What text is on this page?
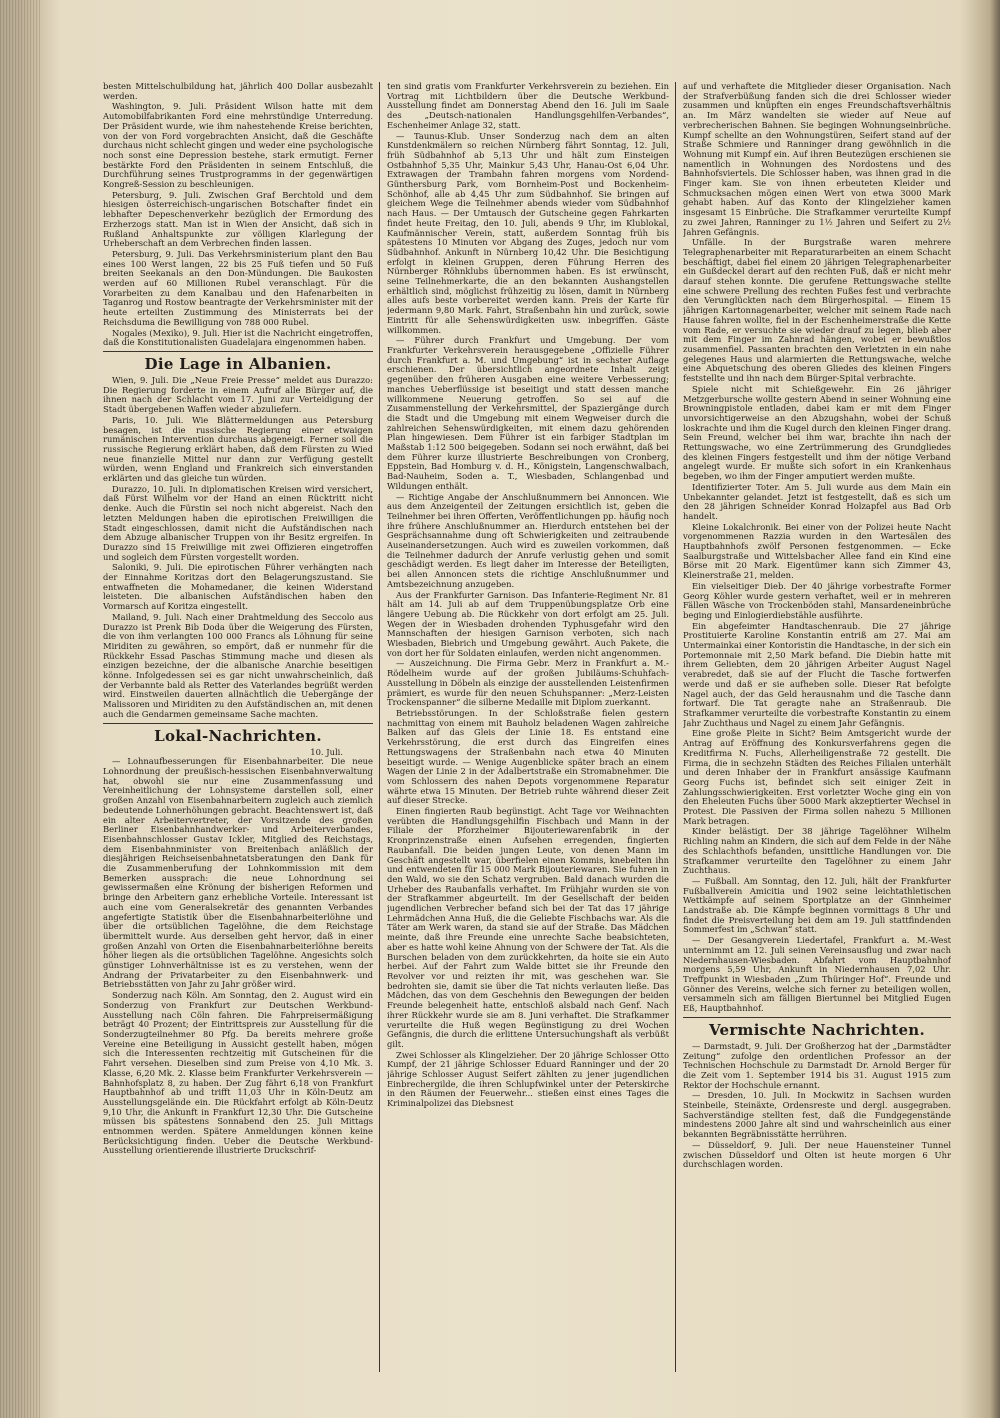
besten Mittelschulbildung hat, jährlich 400 Dollar ausbezahlt werden.

Washington, 9. Juli. Präsident Wilson hatte mit dem Automobilfabrikanten Ford eine mehrstündige Unterredung. Der Präsident wurde, wie ihm nahestehende Kreise berichten, von der von Ford vorgebrachten Ansicht, daß die Geschäfte durchaus nicht schlecht gingen und weder eine psychologische noch sonst eine Depression bestehe, stark ermutigt. Ferner bestärkte Ford den Präsidenten in seinem Entschluß, die Durchführung seines Trustprogramms in der gegenwärtigen Kongreß-Session zu beschleunigen.

Petersburg, 9. Juli. Zwischen Graf Berchtold und dem hiesigen österreichisch-ungarischen Botschafter findet ein lebhafter Depeschenverkehr bezüglich der Ermordung des Erzherzogs statt. Man ist in Wien der Ansicht, daß sich in Rußland Anhaltspunkte zur völligen Klarlegung der Urheberschaft an dem Verbrechen finden lassen.

Petersburg, 9. Juli. Das Verkehrsministerium plant den Bau eines 100 Werst langen, 22 bis 25 Fuß tiefen und 50 Fuß breiten Seekanals an den Don-Mündungen. Die Baukosten werden auf 60 Millionen Rubel veranschlagt. Für die Vorarbeiten zu dem Kanalbau und den Hafenarbeiten in Taganrog und Rostow beantragte der Verkehrsminister mit der heute erteilten Zustimmung des Ministerrats bei der Reichsduma die Bewilligung von 788 000 Rubel.

Nogales (Mexiko), 9. Juli. Hier ist die Nachricht eingetroffen, daß die Konstitutionalisten Guadelajara eingenommen haben.

Die Lage in Albanien.

Wien, 9. Juli. Die „Neue Freie Presse“ meldet aus Durazzo: Die Regierung forderte in einem Aufruf alle Bürger auf, die ihnen nach der Schlacht vom 17. Juni zur Verteidigung der Stadt übergebenen Waffen wieder abzuliefern.

Paris, 10. Juli. Wie Blättermeldungen aus Petersburg besagen, ist die russische Regierung einer etwaigen rumänischen Intervention durchaus abgeneigt. Ferner soll die russische Regierung erklärt haben, daß dem Fürsten zu Wied neue finanzielle Mittel nur dann zur Verfügung gestellt würden, wenn England und Frankreich sich einverstanden erklärten und das gleiche tun würden.

Durazzo, 10. Juli. In diplomatischen Kreisen wird versichert, daß Fürst Wilhelm vor der Hand an einen Rücktritt nicht denke. Auch die Fürstin sei noch nicht abgereist. Nach den letzten Meldungen haben die epirotischen Freiwilligen die Stadt eingeschlossen, damit nicht die Aufständischen nach dem Abzuge albanischer Truppen von ihr Besitz ergreifen. In Durazzo sind 15 Freiwillige mit zwei Offizieren eingetroffen und sogleich dem Fürsten vorgestellt worden.

Saloniki, 9. Juli. Die epirotischen Führer verhängten nach der Einnahme Koritzas dort den Belagerungszustand. Sie entwaffneten die Mohamedaner, die keinen Widerstand leisteten. Die albanischen Aufständischen haben den Vormarsch auf Koritza eingestellt.

Mailand, 9. Juli. Nach einer Drahtmeldung des Seccolo aus Durazzo ist Prenk Bib Doda über die Weigerung des Fürsten, die von ihm verlangten 100 000 Francs als Löhnung für seine Miriditen zu gewähren, so empört, daß er nunmehr für die Rückkehr Essad Paschas Stimmung mache und diesen als einzigen bezeichne, der die albanische Anarchie beseitigen könne. Infolgedessen sei es gar nicht unwahrscheinlich, daß der Verbannte bald als Retter des Vaterlandes begrüßt werden wird. Einstweilen dauerten allnächtlich die Uebergänge der Malissoren und Miriditen zu den Aufständischen an, mit denen auch die Gendarmen gemeinsame Sache machten.

Lokal-Nachrichten.
10. Juli.

— Lohnaufbesserungen für Eisenbahnarbeiter. Die neue Lohnordnung der preußisch-hessischen Eisenbahnverwaltung hat, obwohl sie nur eine Zusammenfassung und Vereinheitlichung der Lohnsysteme darstellen soll, einer großen Anzahl von Eisenbahnarbeitern zugleich auch ziemlich bedeutende Lohnerhöhungen gebracht. Beachtenswert ist, daß ein alter Arbeitervertreter, der Vorsitzende des großen Berliner Eisenbahnhandwerker- und Arbeiterverbandes, Eisenbahnschlosser Gustav Ickler, Mitglied des Reichstags, dem Eisenbahnminister von Breitenbach anläßlich der diesjährigen Reichseisenbahnetatsberatungen den Dank für die Zusammenberufung der Lohnkommission mit dem Bemerken aussprach: die neue Lohnordnung sei gewissermaßen eine Krönung der bisherigen Reformen und bringe den Arbeitern ganz erhebliche Vorteile. Interessant ist auch eine vom Generalsekretär des genannten Verbandes angefertigte Statistik über die Eisenbahnarbeiterlöhne und über die ortsüblichen Tagelöhne, die dem Reichstage übermittelt wurde. Aus derselben geht hervor, daß in einer großen Anzahl von Orten die Eisenbahnarbeiterlöhne bereits höher liegen als die ortsüblichen Tagelöhne. Angesichts solch günstiger Lohnverhältnisse ist es zu verstehen, wenn der Andrang der Privatarbeiter zu den Eisenbahnwerk- und Betriebsstätten von Jahr zu Jahr größer wird.

Sonderzug nach Köln. Am Sonntag, den 2. August wird ein Sonderzug von Frankfurt zur Deutschen Werkbund-Ausstellung nach Cöln fahren. Die Fahrpreisermäßigung beträgt 40 Prozent; der Eintrittspreis zur Ausstellung für die Sonderzugteilnehmer 80 Pfg. Da bereits mehrere große Vereine eine Beteiligung in Aussicht gestellt haben, mögen sich die Interessenten rechtzeitig mit Gutscheinen für die Fahrt versehen. Dieselben sind zum Preise von 4,10 Mk. 3. Klasse, 6,20 Mk. 2. Klasse beim Frankfurter Verkehrsverein — Bahnhofsplatz 8, zu haben. Der Zug fährt 6,18 von Frankfurt Hauptbahnhof ab und trifft 11,03 Uhr in Köln-Deutz am Ausstellungsgelände ein. Die Rückfahrt erfolgt ab Köln-Deutz 9,10 Uhr, die Ankunft in Frankfurt 12,30 Uhr. Die Gutscheine müssen bis spätestens Sonnabend den 25. Juli Mittags entnommen werden. Spätere Anmeldungen können keine Berücksichtigung finden. Ueber die Deutsche Werkbund-Ausstellung orientierende illustrierte Druckschrif-

ten sind gratis vom Frankfurter Verkehrsverein zu beziehen. Ein Vortrag mit Lichtbildern über die Deutsche Werkbund-Ausstellung findet am Donnerstag Abend den 16. Juli im Saale des „Deutsch-nationalen Handlungsgehilfen-Verbandes“, Eschenheimer Anlage 32, statt.

— Taunus-Klub. Unser Sonderzug nach dem an alten Kunstdenkmälern so reichen Nürnberg fährt Sonntag, 12. Juli, früh Südbahnhof ab 5,13 Uhr und hält zum Einsteigen Ostbahnhof 5,35 Uhr, Mainkur 5,43 Uhr, Hanau-Ost 6,04 Uhr. Extrawagen der Trambahn fahren morgens vom Nordend-Günthersburg Park, vom Bornheim-Post und Bockenheim-Schönhof, alle ab 4,45 Uhr zum Südbahnhof. Sie bringen auf gleichem Wege die Teilnehmer abends wieder vom Südbahnhof nach Haus. — Der Umtausch der Gutscheine gegen Fahrkarten findet heute Freitag, den 10. Juli, abends 9 Uhr, im Klublokal, Kaufmännischer Verein, statt, außerdem Sonntag früh bis spätestens 10 Minuten vor Abgang des Zuges, jedoch nur vom Südbahnhof. Ankunft in Nürnberg 10,42 Uhr. Die Besichtigung erfolgt in kleinen Gruppen, deren Führung Herren des Nürnberger Röhnklubs übernommen haben. Es ist erwünscht, seine Teilnehmerkarte, die an den bekannten Aushangstellen erhältlich sind, möglichst frühzeitig zu lösen, damit in Nürnberg alles aufs beste vorbereitet werden kann. Preis der Karte für jedermann 9,80 Mark. Fahrt, Straßenbahn hin und zurück, sowie Eintritt für alle Sehenswürdigkeiten usw. inbegriffen. Gäste willkommen.

— Führer durch Frankfurt und Umgebung. Der vom Frankfurter Verkehrsverein herausgegebene „Offizielle Führer durch Frankfurt a. M. und Umgebung“ ist in sechster Auflage erschienen. Der übersichtlich angeordnete Inhalt zeigt gegenüber den früheren Ausgaben eine weitere Verbesserung; manches Ueberflüssige ist beseitigt und statt dessen manche willkommene Neuerung getroffen. So sei auf die Zusammenstellung der Verkehrsmittel, der Spaziergänge durch die Stadt und die Umgebung mit einem Wegweiser durch die zahlreichen Sehenswürdigkeiten, mit einem dazu gehörenden Plan hingewiesen. Dem Führer ist ein farbiger Stadtplan im Maßstab 1:12 500 beigegeben. Sodann sei noch erwähnt, daß bei dem Führer kurze illustrierte Beschreibungen von Cronberg, Eppstein, Bad Homburg v. d. H., Königstein, Langenschwalbach, Bad-Nauheim, Soden a. T., Wiesbaden, Schlangenbad und Wildungen enthält.

— Richtige Angabe der Anschlußnummern bei Annoncen. Wie aus dem Anzeigenteil der Zeitungen ersichtlich ist, geben die Teilnehmer bei ihren Offerten, Veröffentlichungen pp. häufig noch ihre frühere Anschlußnummer an. Hierdurch entstehen bei der Gesprächsannahme dung oft Schwierigkeiten und zeitraubende Auseinandersetzungen. Auch wird es zuweilen vorkommen, daß die Teilnehmer dadurch der Anrufe verlustig gehen und somit geschädigt werden. Es liegt daher im Interesse der Beteiligten, bei allen Annoncen stets die richtige Anschlußnummer und Amtsbezeichnung anzugeben.

Aus der Frankfurter Garnison. Das Infanterie-Regiment Nr. 81 hält am 14. Juli ab auf dem Truppenübungsplatze Orb eine längere Uebung ab. Die Rückkehr von dort erfolgt am 25. Juli. Wegen der in Wiesbaden drohenden Typhusgefahr wird den Mannschaften der hiesigen Garnison verboten, sich nach Wiesbaden, Biebrich und Umgebung gewährt. Auch Pakete, die von dort her für Soldaten einlaufen, werden nicht angenommen.

— Auszeichnung. Die Firma Gebr. Merz in Frankfurt a. M.-Rödelheim wurde auf der großen Jubiläums-Schuhfach-Ausstellung in Döbeln als einzige der ausstellenden Leistenfirmen prämiert, es wurde für den neuen Schuhspanner: „Merz-Leisten Trockenspanner“ die silberne Medaille mit Diplom zuerkannt.

Betriebsstörungen. In der Schloßstraße fielen gestern nachmittag von einem mit Bauholz beladenen Wagen zahlreiche Balken auf das Gleis der Linie 18. Es entstand eine Verkehrsstörung, die erst durch das Eingreifen eines Rettungswagens der Straßenbahn nach etwa 40 Minuten beseitigt wurde. — Wenige Augenblicke später brach an einem Wagen der Linie 2 in der Adalbertstraße ein Stromabnehmer. Die vom Schlossern des nahen Depots vorgenommene Reparatur währte etwa 15 Minuten. Der Betrieb ruhte während dieser Zeit auf dieser Strecke.

Einen fingierten Raub begünstigt. Acht Tage vor Weihnachten verübten die Handlungsgehilfin Fischbach und Mann in der Filiale der Pforzheimer Bijouteriewarenfabrik in der Kronprinzenstraße einen Aufsehen erregenden, fingierten Raubanfall. Die beiden jungen Leute, von denen Mann im Geschäft angestellt war, überfielen einen Kommis, knebelten ihn und entwendeten für 15 000 Mark Bijouteriewaren. Sie fuhren in den Wald, wo sie den Schatz vergruben. Bald danach wurden die Urheber des Raubanfalls verhaftet. Im Frühjahr wurden sie von der Strafkammer abgeurteilt. Im der Gesellschaft der beiden jugendlichen Verbrecher befand sich bei der Tat das 17 jährige Lehrmädchen Anna Huß, die die Geliebte Fischbachs war. Als die Täter am Werk waren, da stand sie auf der Straße. Das Mädchen meinte, daß ihre Freunde eine unrechte Sache beabsichteten, aber es hatte wohl keine Ahnung von der Schwere der Tat. Als die Burschen beladen von dem zurückkehrten, da hoite sie ein Auto herbei. Auf der Fahrt zum Walde bittet sie ihr Freunde den Revolver vor und reizten ihr mit, was geschehen war. Sie bedrohten sie, damit sie über die Tat nichts verlauten ließe. Das Mädchen, das von dem Geschehnis den Bewegungen der beiden Freunde belegenheit hatte, entschloß alsbald nach Genf. Nach ihrer Rückkehr wurde sie am 8. Juni verhaftet. Die Strafkammer verurteilte die Huß wegen Begünstigung zu drei Wochen Gefängnis, die durch die erlittene Untersuchungshaft als verbüßt gilt.

Zwei Schlosser als Klingelzieher. Der 20 jährige Schlosser Otto Kumpf, der 21 jährige Schlosser Eduard Ranninger und der 20 jährige Schlosser August Seifert zählten zu jener jugendlichen Einbrechergilde, die ihren Schlupfwinkel unter der Peterskirche in den Räumen der Feuerwehr... stießen einst eines Tages die Kriminalpolizei das Diebsnest

auf und verhaftete die Mitglieder dieser Organisation. Nach der Strafverbüßung fanden sich die drei Schlosser wieder zusammen und knüpften ein enges Freundschaftsverhältnis an. Im März wandelten sie wieder auf Neue auf verbrecherischen Bahnen. Sie begingen Wohnungseinbrüche. Kumpf schellte an den Wohnungstüren, Seifert stand auf der Straße Schmiere und Ranninger drang gewöhnlich in die Wohnung mit Kumpf ein. Auf ihren Beutezügen erschienen sie namentlich in Wohnungen des Nordostens und des Bahnhofsviertels. Die Schlosser haben, was ihnen grad in die Finger kam. Sie von ihnen erbeuteten Kleider und Schmucksachen mögen einen Wert von etwa 3000 Mark gehabt haben. Auf das Konto der Klingelzieher kamen insgesamt 15 Einbrüche. Die Strafkammer verurteilte Kumpf zu zwei Jahren, Ranninger zu 1½ Jahren und Seifert zu 2½ Jahren Gefängnis.

Unfälle. In der Burgstraße waren mehrere Telegraphenarbeiter mit Reparaturarbeiten an einem Schacht beschäftigt, dabei fiel einem 20 jährigen Telegraphenarbeiter ein Gußdeckel derart auf den rechten Fuß, daß er nicht mehr darauf stehen konnte. Die gerufene Rettungswache stellte eine schwere Prellung des rechten Fußes fest und verbrachte den Verunglückten nach dem Bürgerhospital. — Einem 15 jährigen Kartonnagenarbeiter, welcher mit seinem Rade nach Hause fahren wollte, fiel in der Eschenheimerstraße die Kette vom Rade, er versuchte sie wieder drauf zu legen, blieb aber mit dem Finger im Zahnrad hängen, wobei er bewußtlos zusammenfiel. Passanten brachten den Verletzten in ein nahe gelegenes Haus und alarmierten die Rettungswache, welche eine Abquetschung des oberen Gliedes des kleinen Fingers feststellte und ihn nach dem Bürger-Spital verbrachte.

Spiele nicht mit Schießgewehr. Ein 26 jähriger Metzgerbursche wollte gestern Abend in seiner Wohnung eine Browningpistole entladen, dabei kam er mit dem Finger unvorsichtigerweise an den Abzugshahn, wobei der Schuß loskrachte und ihm die Kugel durch den kleinen Finger drang. Sein Freund, welcher bei ihm war, brachte ihn nach der Rettungswache, wo eine Zertrümmerung des Grundgliedes des kleinen Fingers festgestellt und ihm der nötige Verband angelegt wurde. Er mußte sich sofort in ein Krankenhaus begeben, wo ihm der Finger amputiert werden mußte.

Identifizierter Toter. Am 5. Juli wurde aus dem Main ein Unbekannter gelandet. Jetzt ist festgestellt, daß es sich um den 28 jährigen Schneider Konrad Holzapfel aus Bad Orb handelt.

Kleine Lokalchronik. Bei einer von der Polizei heute Nacht vorgenommenen Razzia wurden in den Wartesälen des Hauptbahnhofs zwölf Personen festgenommen. — Ecke Saalburgstraße und Wittelsbacher Allee fand ein Kind eine Börse mit 20 Mark. Eigentümer kann sich Zimmer 43, Kleinerstraße 21, melden.

Ein vielseitiger Dieb. Der 40 jährige vorbestrafte Former Georg Köhler wurde gestern verhaftet, weil er in mehreren Fällen Wäsche von Trockenböden stahl, Mansardeneinbrüche beging und Einlogierdiebstähle ausführte.

Ein abgefeimter Handtaschenraub. Die 27 jährige Prostituierte Karoline Konstantin entriß am 27. Mai am Untermainkai einer Kontoristin die Handtasche, in der sich ein Portemonnaie mit 2,50 Mark befand. Die Diebin hatte mit ihrem Geliebten, dem 20 jährigen Arbeiter August Nagel verabredet, daß sie auf der Flucht die Tasche fortwerfen werde und daß er sie aufheben solle. Dieser Rat befolgte Nagel auch, der das Geld herausnahm und die Tasche dann fortwarf. Die Tat geragte nahe an Straßenraub. Die Strafkammer verurteilte die vorbestrafte Konstantin zu einem Jahr Zuchthaus und Nagel zu einem Jahr Gefängnis.

Eine große Pleite in Sicht? Beim Amtsgericht wurde der Antrag auf Eröffnung des Konkursverfahrens gegen die Kreditfirma N. Fuchs, Allerheiligenstraße 72 gestellt. Die Firma, die in sechzehn Städten des Reiches Filialen unterhält und deren Inhaber der in Frankfurt ansässige Kaufmann Georg Fuchs ist, befindet sich seit einiger Zeit in Zahlungsschwierigkeiten. Erst vorletzter Woche ging ein von den Eheleuten Fuchs über 5000 Mark akzeptierter Wechsel in Protest. Die Passiven der Firma sollen nahezu 5 Millionen Mark betragen.

Kinder belästigt. Der 38 jährige Tagelöhner Wilhelm Richling nahm an Kindern, die sich auf dem Felde in der Nähe des Schlachthofs befanden, unsittliche Handlungen vor. Die Strafkammer verurteilte den Tagelöhner zu einem Jahr Zuchthaus.

— Fußball. Am Sonntag, den 12. Juli, hält der Frankfurter Fußballverein Amicitia und 1902 seine leichtathletischen Wettkämpfe auf seinem Sportplatze an der Ginnheimer Landstraße ab. Die Kämpfe beginnen vormittags 8 Uhr und findet die Preisverteilung bei dem am 19. Juli stattfindenden Sommerfest im „Schwan“ statt.

— Der Gesangverein Liedertafel, Frankfurt a. M.-West unternimmt am 12. Juli seinen Vereinsausflug und zwar nach Niedernhausen-Wiesbaden. Abfahrt vom Hauptbahnhof morgens 5,59 Uhr, Ankunft in Niedernhausen 7,02 Uhr. Treffpunkt in Wiesbaden „Zum Thüringer Hof“. Freunde und Gönner des Vereins, welche sich ferner zu beteiligen wollen, versammeln sich am fälligen Biertunnel bei Mitglied Eugen Eß, Hauptbahnhof.

Vermischte Nachrichten.

— Darmstadt, 9. Juli. Der Großherzog hat der „Darmstädter Zeitung“ zufolge den ordentlichen Professor an der Technischen Hochschule zu Darmstadt Dr. Arnold Berger für die Zeit vom 1. September 1914 bis 31. August 1915 zum Rektor der Hochschule ernannt.

— Dresden, 10. Juli. In Mockwitz in Sachsen wurden Steinbeile, Steinäxte, Ordensreste und dergl. ausgegraben. Sachverständige stellten fest, daß die Fundgegenstände mindestens 2000 Jahre alt sind und wahrscheinlich aus einer bekannten Begräbnisstätte herrühren.

— Düsseldorf, 9. Juli. Der neue Hauensteiner Tunnel zwischen Düsseldorf und Olten ist heute morgen 6 Uhr durchschlagen worden.
